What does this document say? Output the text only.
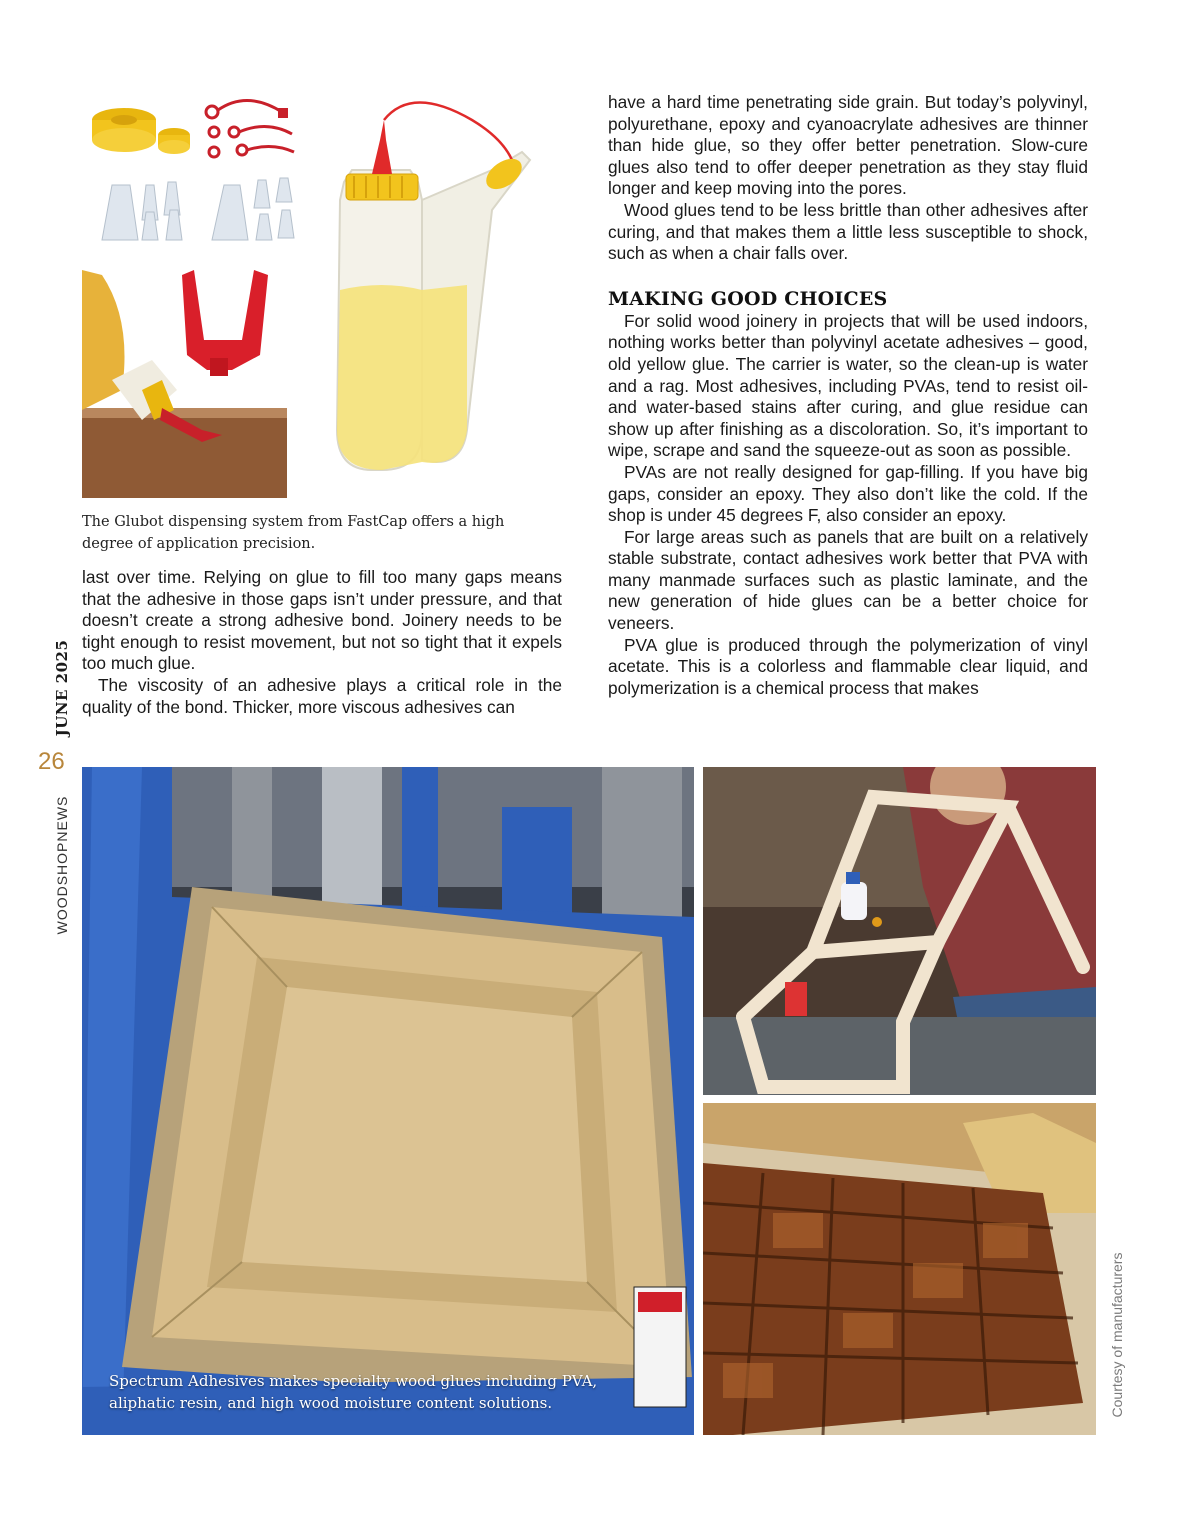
JUNE 2025
26
WOODSHOPNEWS
Courtesy of manufacturers
The Glubot dispensing system from FastCap offers a high degree of application precision.

last over time. Relying on glue to fill too many gaps means that the adhesive in those gaps isn’t under pressure, and that doesn’t create a strong adhesive bond. Joinery needs to be tight enough to resist movement, but not so tight that it expels too much glue.

The viscosity of an adhesive plays a critical role in the quality of the bond. Thicker, more viscous adhesives can

have a hard time penetrating side grain. But today’s polyvinyl, polyurethane, epoxy and cyanoacrylate adhesives are thinner than hide glue, so they offer better penetration. Slow-cure glues also tend to offer deeper penetration as they stay fluid longer and keep moving into the pores.

Wood glues tend to be less brittle than other adhesives after curing, and that makes them a little less susceptible to shock, such as when a chair falls over.

MAKING GOOD CHOICES

For solid wood joinery in projects that will be used indoors, nothing works better than polyvinyl acetate adhesives – good, old yellow glue. The carrier is water, so the clean-up is water and a rag. Most adhesives, including PVAs, tend to resist oil- and water-based stains after curing, and glue residue can show up after finishing as a discoloration. So, it’s important to wipe, scrape and sand the squeeze-out as soon as possible.

PVAs are not really designed for gap-filling. If you have big gaps, consider an epoxy. They also don’t like the cold. If the shop is under 45 degrees F, also consider an epoxy.

For large areas such as panels that are built on a relatively stable substrate, contact adhesives work better that PVA with many manmade surfaces such as plastic laminate, and the new generation of hide glues can be a better choice for veneers.

PVA glue is produced through the polymerization of vinyl acetate. This is a colorless and flammable clear liquid, and polymerization is a chemical process that makes

Spectrum Adhesives makes specialty wood glues including PVA, aliphatic resin, and high wood moisture content solutions.
